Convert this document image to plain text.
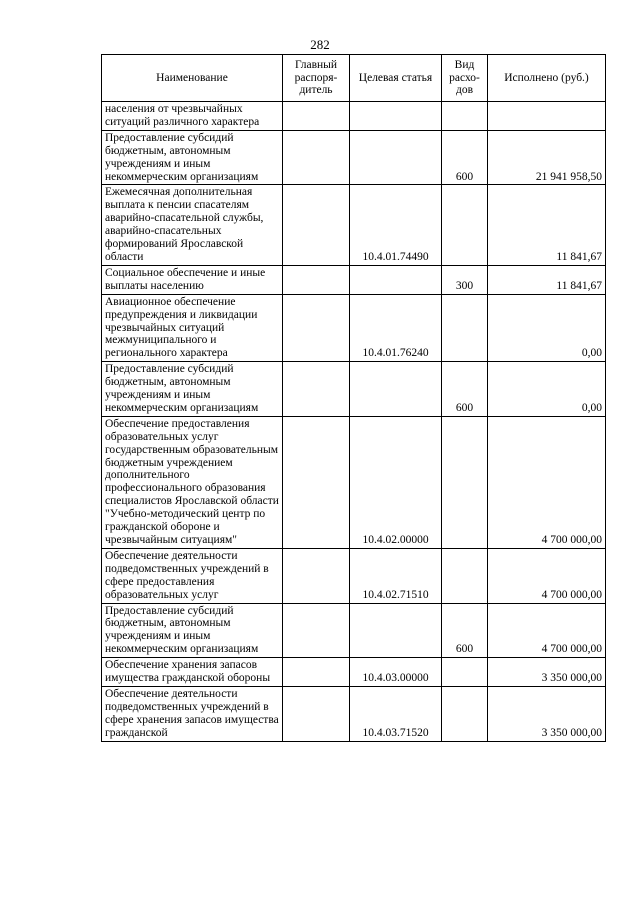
282
Наименование	Главный распоря-дитель	Целевая статья	Вид расхо-дов	Исполнено (руб.)
населения от чрезвычайных ситуаций различного характера				
Предоставление субсидий бюджетным, автономным учреждениям и иным некоммерческим организациям			600	21 941 958,50
Ежемесячная дополнительная выплата к пенсии спасателям аварийно-спасательной службы, аварийно-спасательных формирований Ярославской области		10.4.01.74490		11 841,67
Социальное обеспечение и иные выплаты населению			300	11 841,67
Авиационное обеспечение предупреждения и ликвидации чрезвычайных ситуаций межмуниципального и регионального характера		10.4.01.76240		0,00
Предоставление субсидий бюджетным, автономным учреждениям и иным некоммерческим организациям			600	0,00
Обеспечение предоставления образовательных услуг государственным образовательным бюджетным учреждением дополнительного профессионального образования специалистов Ярославской области "Учебно-методический центр по гражданской обороне и чрезвычайным ситуациям"		10.4.02.00000		4 700 000,00
Обеспечение деятельности подведомственных учреждений в сфере предоставления образовательных услуг		10.4.02.71510		4 700 000,00
Предоставление субсидий бюджетным, автономным учреждениям и иным некоммерческим организациям			600	4 700 000,00
Обеспечение хранения запасов имущества гражданской обороны		10.4.03.00000		3 350 000,00
Обеспечение деятельности подведомственных учреждений в сфере хранения запасов имущества гражданской		10.4.03.71520		3 350 000,00
